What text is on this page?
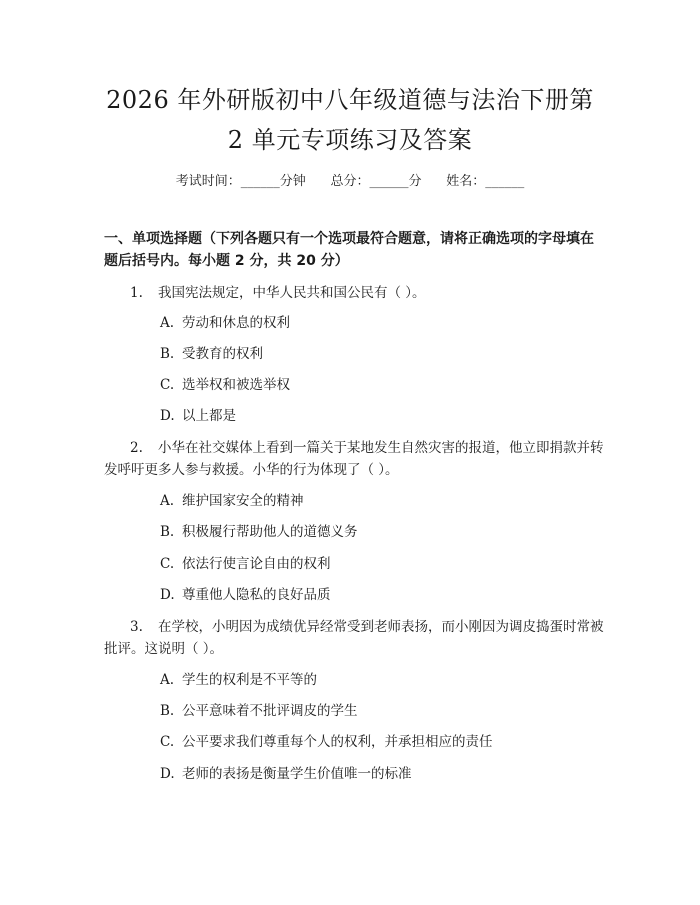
2026 年外研版初中八年级道德与法治下册第
2 单元专项练习及答案
考试时间：______分钟      总分：______分      姓名：______
一、单项选择题（下列各题只有一个选项最符合题意，请将正确选项的字母填在题后括号内。每小题 2 分，共 20 分）
1. 我国宪法规定，中华人民共和国公民有（ ）。
A. 劳动和休息的权利
B. 受教育的权利
C. 选举权和被选举权
D. 以上都是
2. 小华在社交媒体上看到一篇关于某地发生自然灾害的报道，他立即捐款并转发呼吁更多人参与救援。小华的行为体现了（ ）。
A. 维护国家安全的精神
B. 积极履行帮助他人的道德义务
C. 依法行使言论自由的权利
D. 尊重他人隐私的良好品质
3. 在学校，小明因为成绩优异经常受到老师表扬，而小刚因为调皮捣蛋时常被批评。这说明（ ）。
A. 学生的权利是不平等的
B. 公平意味着不批评调皮的学生
C. 公平要求我们尊重每个人的权利，并承担相应的责任
D. 老师的表扬是衡量学生价值唯一的标准
